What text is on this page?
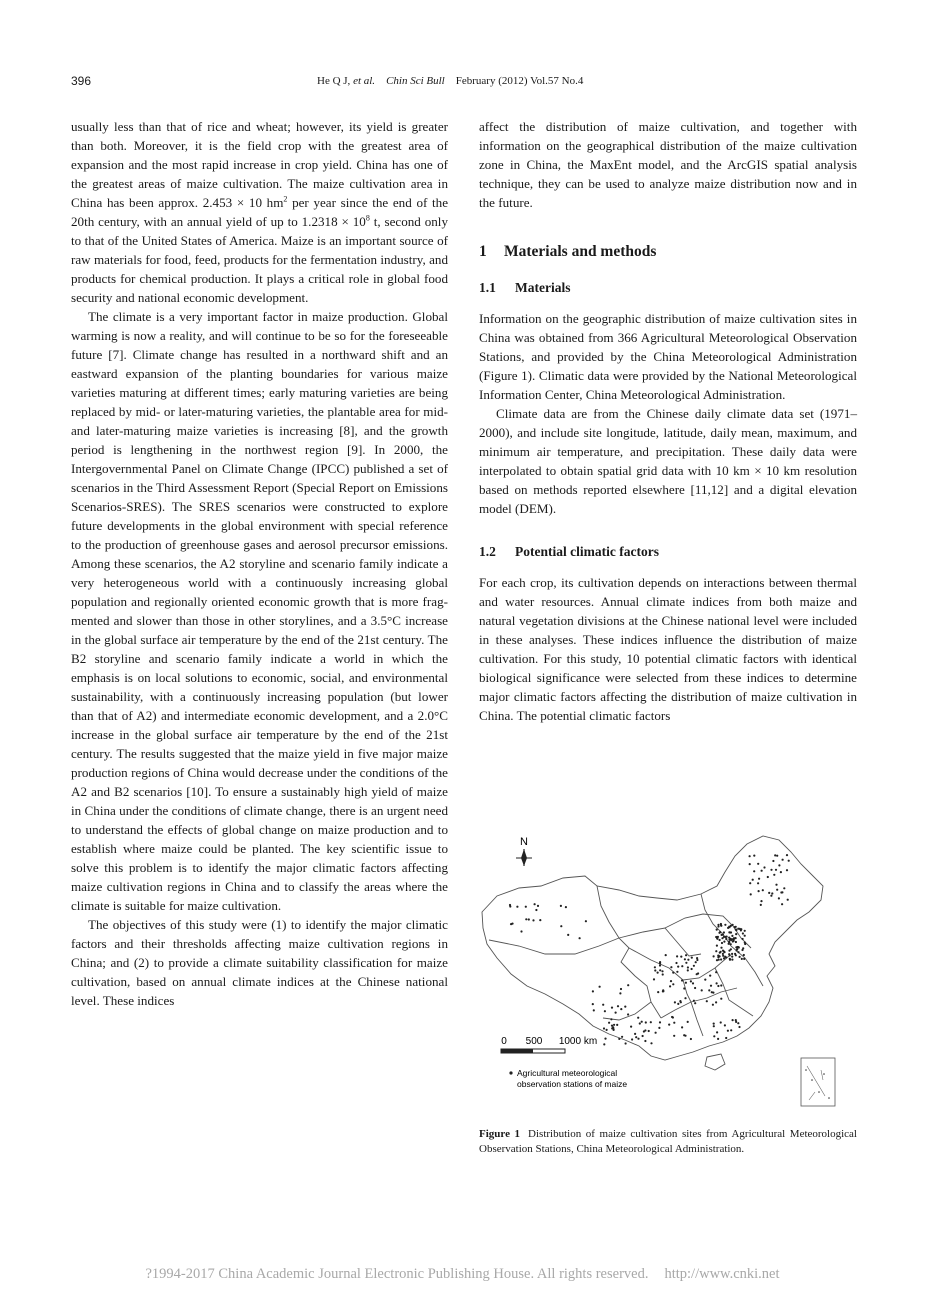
396	He Q J, et al. Chin Sci Bull February (2012) Vol.57 No.4

usually less than that of rice and wheat; however, its yield is greater than both. Moreover, it is the field crop with the greatest area of expansion and the most rapid increase in crop yield. China has one of the greatest areas of maize cultivation. The maize cultivation area in China has been approx. 2.453 × 10 $hm^2$ per year since the end of the 20th century, with an annual yield of up to $1.2318 \times 10^8$ t, second only to that of the United States of America. Maize is an important source of raw materials for food, feed, products for the fermentation industry, and products for chemical production. It plays a critical role in global food security and national economic development.

The climate is a very important factor in maize production. Global warming is now a reality, and will continue to be so for the foreseeable future [7]. Climate change has resulted in a northward shift and an eastward expansion of the planting boundaries for various maize varieties maturing at different times; early maturing varieties are being replaced by mid- or later-maturing varieties, the plantable area for mid- and later-maturing maize varieties is increasing [8], and the growth period is lengthening in the northwest region [9]. In 2000, the Intergovernmental Panel on Climate Change (IPCC) published a set of scenarios in the Third Assessment Report (Special Report on Emissions Scenarios-SRES). The SRES scenarios were constructed to explore future developments in the global environment with special reference to the production of greenhouse gases and aerosol precursor emissions. Among these scenarios, the A2 storyline and scenario family indicate a very heterogeneous world with a continuously increasing global population and regionally oriented economic growth that is more fragmented and slower than those in other storylines, and a 3.5°C increase in the global surface air temperature by the end of the 21st century. The B2 storyline and scenario family indicate a world in which the emphasis is on local solutions to economic, social, and environmental sustainability, with a continuously increasing population (but lower than that of A2) and intermediate economic development, and a 2.0°C increase in the global surface air temperature by the end of the 21st century. The results suggested that the maize yield in five major maize production regions of China would decrease under the conditions of the A2 and B2 scenarios [10]. To ensure a sustainably high yield of maize in China under the conditions of climate change, there is an urgent need to understand the effects of global change on maize production and to establish where maize could be planted. The key scientific issue to solve this problem is to identify the major climatic factors affecting maize cultivation regions in China and to classify the areas where the climate is suitable for maize cultivation.

The objectives of this study were (1) to identify the major climatic factors and their thresholds affecting maize cultivation regions in China; and (2) to provide a climate suitability classification for maize cultivation, based on annual climate indices at the Chinese national level. These indices

affect the distribution of maize cultivation, and together with information on the geographical distribution of the maize cultivation zone in China, the MaxEnt model, and the ArcGIS spatial analysis technique, they can be used to analyze maize distribution now and in the future.

1 Materials and methods
1.1 Materials

Information on the geographic distribution of maize cultivation sites in China was obtained from 366 Agricultural Meteorological Observation Stations, and provided by the China Meteorological Administration (Figure 1). Climatic data were provided by the National Meteorological Information Center, China Meteorological Administration.

Climate data are from the Chinese daily climate data set (1971–2000), and include site longitude, latitude, daily mean, maximum, and minimum air temperature, and precipitation. These daily data were interpolated to obtain spatial grid data with 10 km × 10 km resolution based on methods reported elsewhere [11,12] and a digital elevation model (DEM).

1.2 Potential climatic factors

For each crop, its cultivation depends on interactions between thermal and water resources. Annual climate indices from both maize and natural vegetation divisions at the Chinese national level were included in these analyses. These indices influence the distribution of maize cultivation. For this study, 10 potential climatic factors with identical biological significance were selected from these indices to determine major climatic factors affecting the distribution of maize cultivation in China. The potential climatic factors

N
0 500 1000 km
Agricultural meteorological
observation stations of maize
Figure 1 Distribution of maize cultivation sites from Agricultural Meteorological Observation Stations, China Meteorological Administration.
?1994-2017 China Academic Journal Electronic Publishing House. All rights reserved. http://www.cnki.net
